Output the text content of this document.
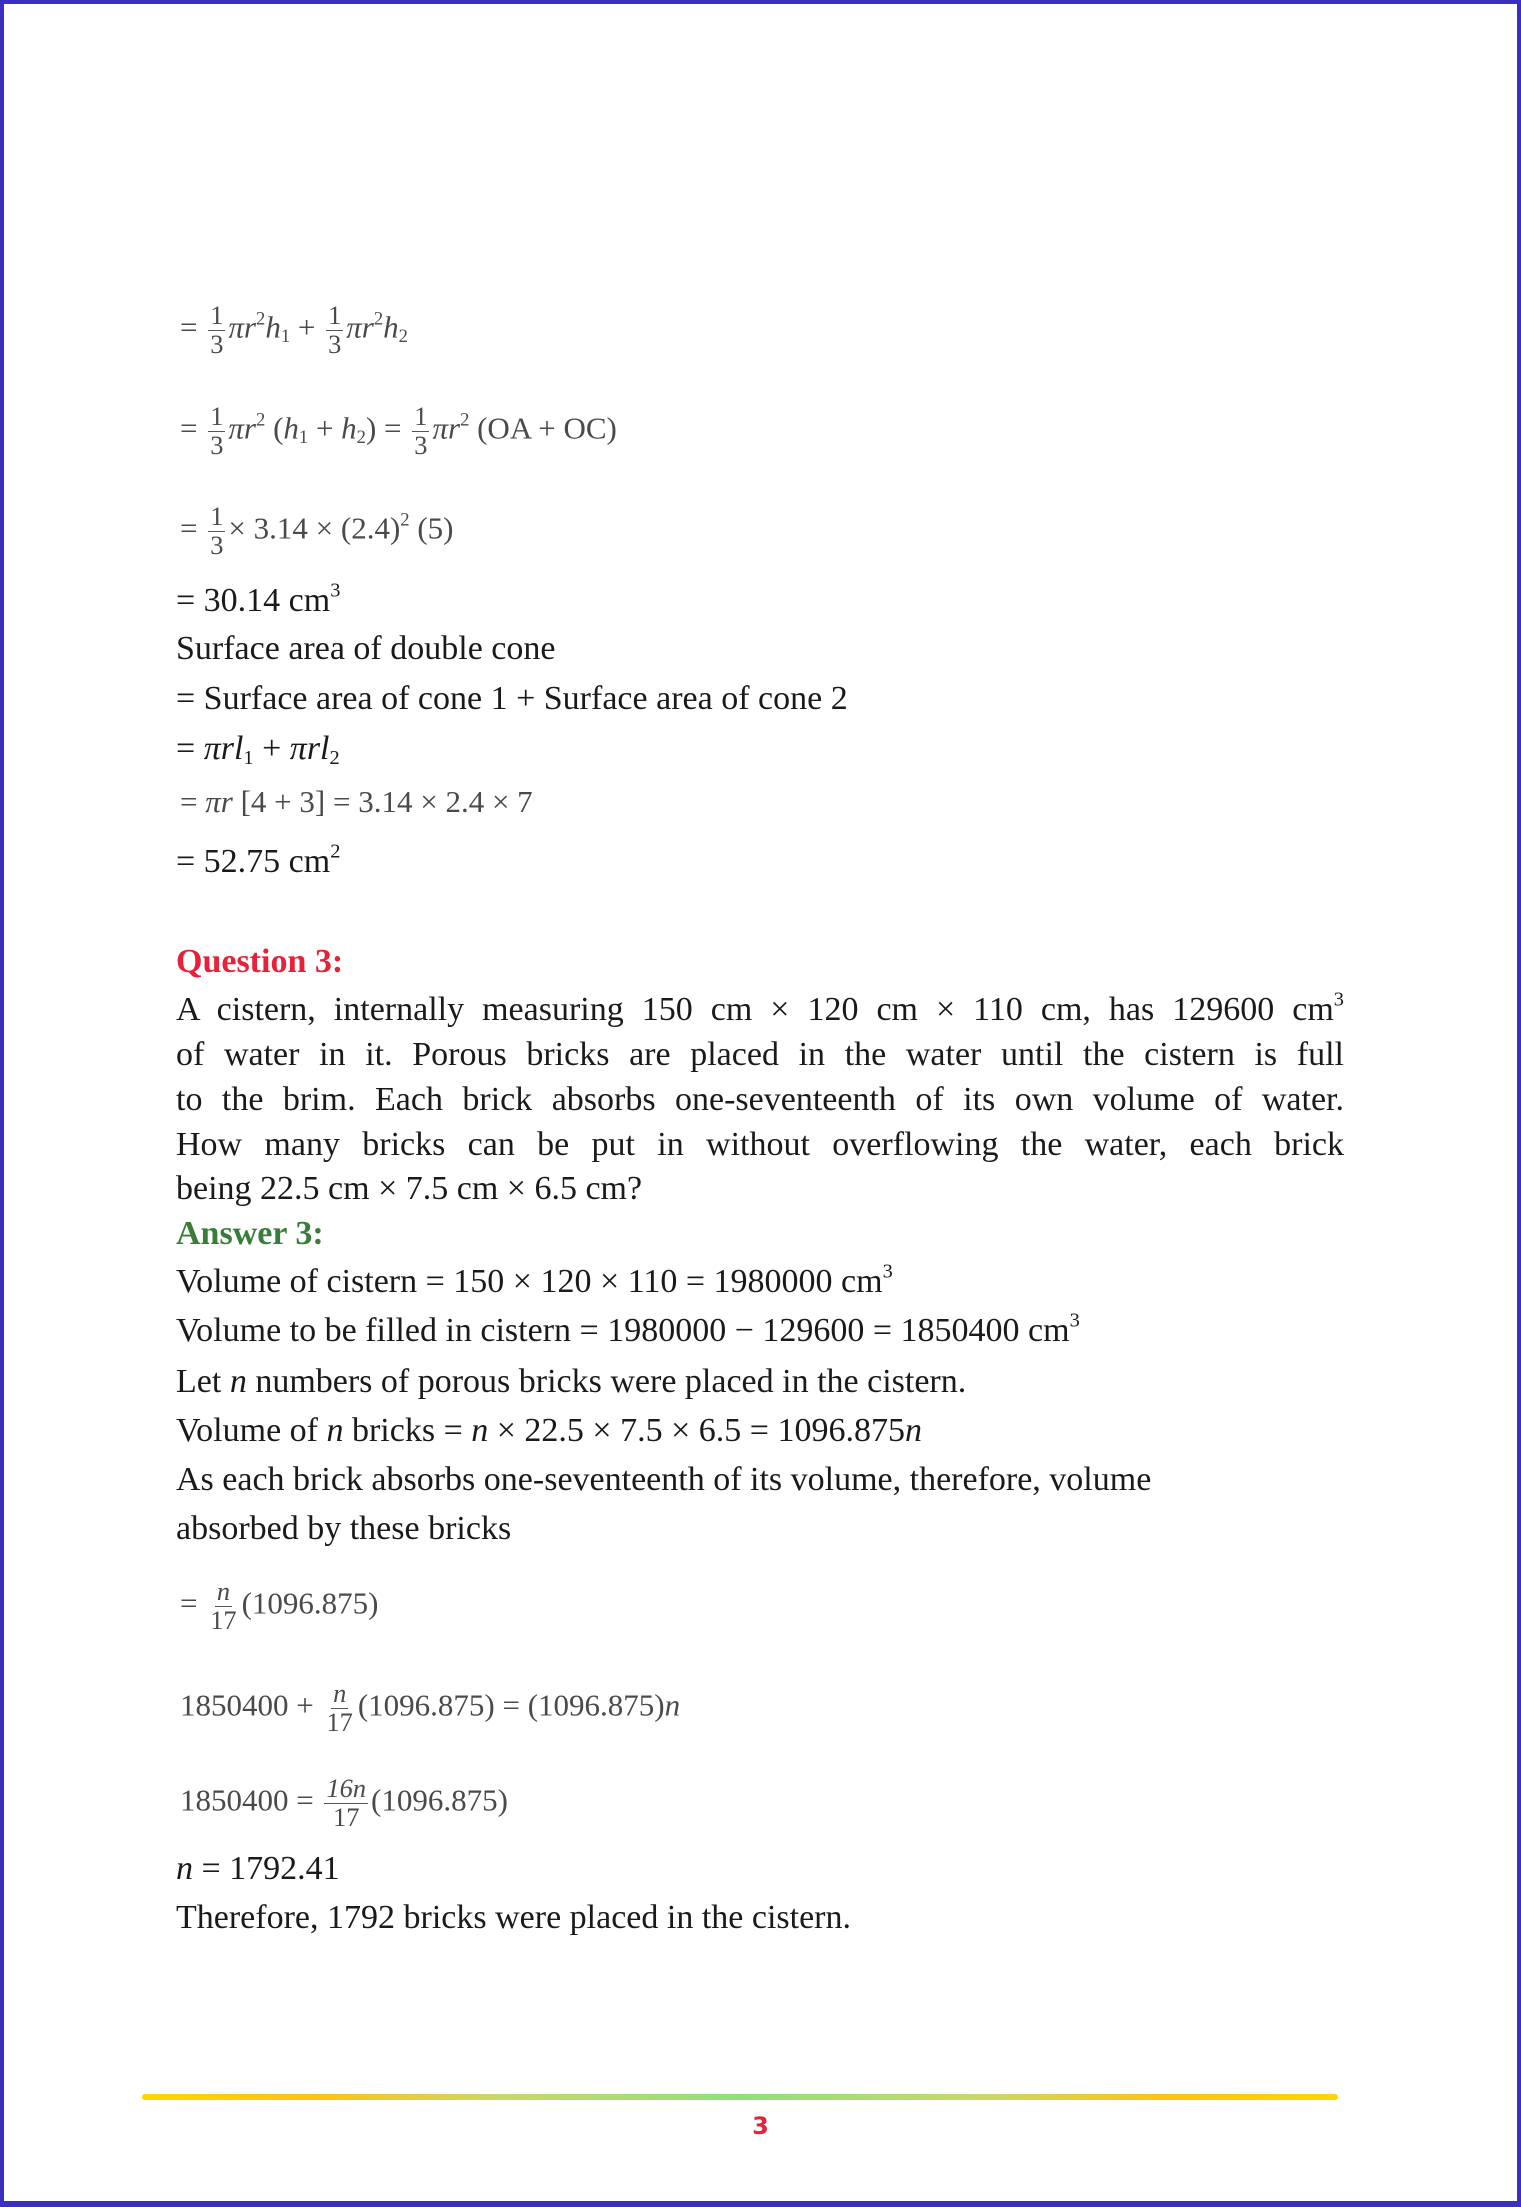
= $\frac{1}{3} \pi r^2h_1 + \frac{1}{3} \pi r^2h_2$
= $\frac{1}{3} \pi r^2$ $(h_1 + h_2) = \frac{1}{3} \pi r^2$ (OA + OC)
= $\frac{1}{3} \times 3.14 \times (2.4)^2$ (5)
= 30.14 $cm^3$
Surface area of double cone
= Surface area of cone 1 + Surface area of cone 2
= πrl$_1$ + πrl$_2$
= πr [4 + 3] = 3.14 × 2.4 × 7
= 52.75 $cm^2$
Question 3:
A cistern, internally measuring 150 cm × 120 cm × 110 cm, has 129600 $cm^3$
of water in it. Porous bricks are placed in the water until the cistern is full
to the brim. Each brick absorbs one-seventeenth of its own volume of water.
How many bricks can be put in without overflowing the water, each brick
being 22.5 cm × 7.5 cm × 6.5 cm?
Answer 3:
Volume of cistern = 150 × 120 × 110 = 1980000 $cm^3$
Volume to be filled in cistern = 1980000 − 129600 = 1850400 $cm^3$
Let n numbers of porous bricks were placed in the cistern.
Volume of n bricks = n × 22.5 × 7.5 × 6.5 = 1096.875n
As each brick absorbs one-seventeenth of its volume, therefore, volume
absorbed by these bricks
= $\frac{n}{17} (1096.875)$
$1850400 + \frac{n}{17} (1096.875) = (1096.875)n$
$1850400 = \frac{16n}{17} (1096.875)$
n = 1792.41
Therefore, 1792 bricks were placed in the cistern.
3
